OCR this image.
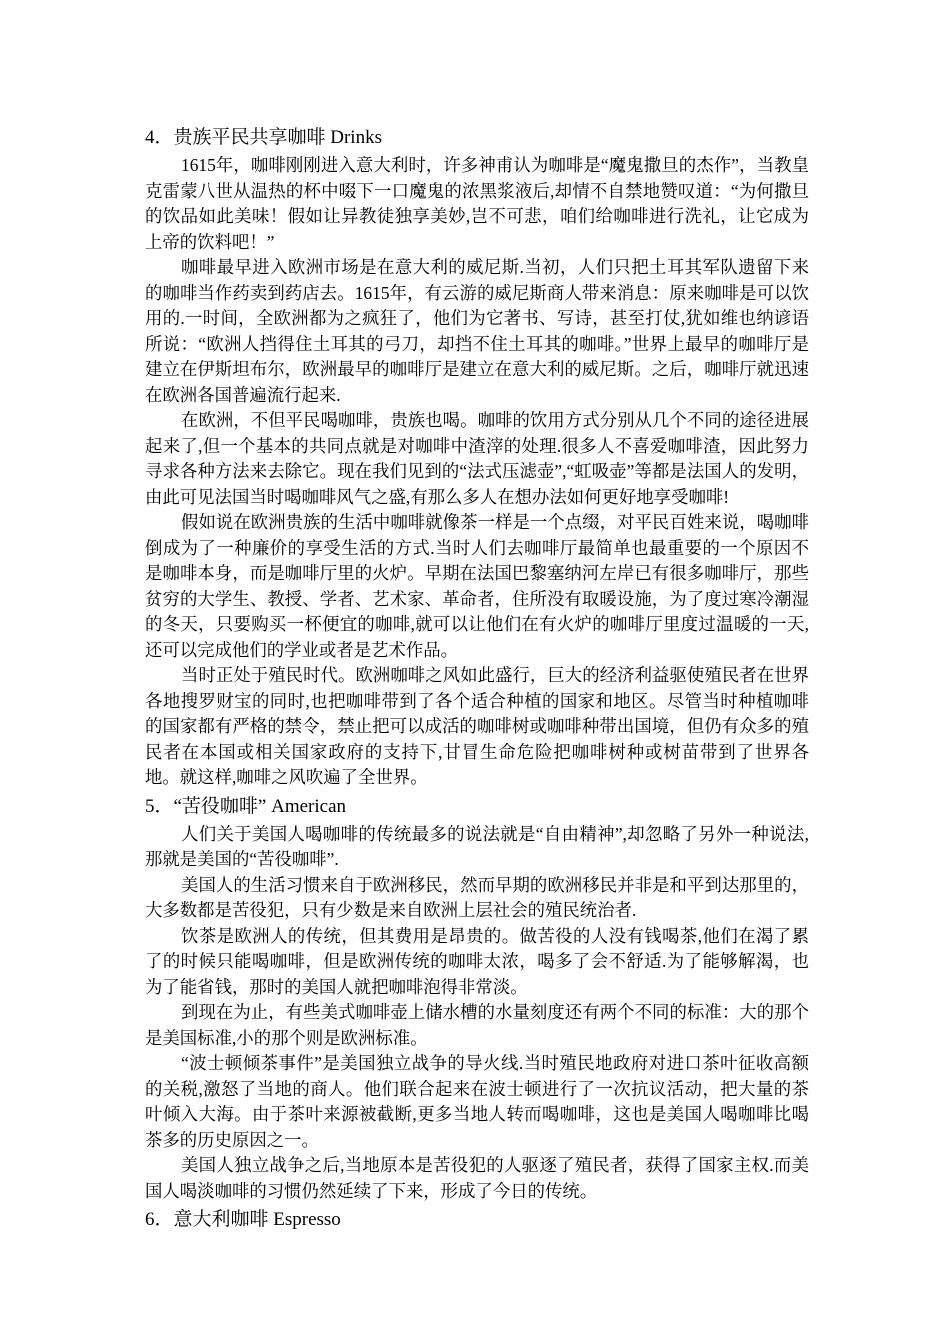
4．贵族平民共享咖啡 Drinks

1615年，咖啡刚刚进入意大利时，许多神甫认为咖啡是“魔鬼撒旦的杰作”，当教皇克雷蒙八世从温热的杯中啜下一口魔鬼的浓黑浆液后,却情不自禁地赞叹道：“为何撒旦的饮品如此美味！假如让异教徒独享美妙,岂不可悲，咱们给咖啡进行洗礼，让它成为上帝的饮料吧！”

咖啡最早进入欧洲市场是在意大利的威尼斯.当初，人们只把土耳其军队遗留下来的咖啡当作药卖到药店去。1615年，有云游的威尼斯商人带来消息：原来咖啡是可以饮用的.一时间，全欧洲都为之疯狂了，他们为它著书、写诗，甚至打仗,犹如维也纳谚语所说：“欧洲人挡得住土耳其的弓刀，却挡不住土耳其的咖啡。”世界上最早的咖啡厅是建立在伊斯坦布尔，欧洲最早的咖啡厅是建立在意大利的威尼斯。之后，咖啡厅就迅速在欧洲各国普遍流行起来.

在欧洲，不但平民喝咖啡，贵族也喝。咖啡的饮用方式分别从几个不同的途径进展起来了,但一个基本的共同点就是对咖啡中渣滓的处理.很多人不喜爱咖啡渣，因此努力寻求各种方法来去除它。现在我们见到的“法式压滤壶”,“虹吸壶”等都是法国人的发明，由此可见法国当时喝咖啡风气之盛,有那么多人在想办法如何更好地享受咖啡!

假如说在欧洲贵族的生活中咖啡就像茶一样是一个点缀，对平民百姓来说，喝咖啡倒成为了一种廉价的享受生活的方式.当时人们去咖啡厅最简单也最重要的一个原因不是咖啡本身，而是咖啡厅里的火炉。早期在法国巴黎塞纳河左岸已有很多咖啡厅，那些贫穷的大学生、教授、学者、艺术家、革命者，住所没有取暖设施，为了度过寒冷潮湿的冬天，只要购买一杯便宜的咖啡,就可以让他们在有火炉的咖啡厅里度过温暖的一天,还可以完成他们的学业或者是艺术作品。

当时正处于殖民时代。欧洲咖啡之风如此盛行，巨大的经济利益驱使殖民者在世界各地搜罗财宝的同时,也把咖啡带到了各个适合种植的国家和地区。尽管当时种植咖啡的国家都有严格的禁令，禁止把可以成活的咖啡树或咖啡种带出国境，但仍有众多的殖民者在本国或相关国家政府的支持下,甘冒生命危险把咖啡树种或树苗带到了世界各地。就这样,咖啡之风吹遍了全世界。

5．“苦役咖啡” American

人们关于美国人喝咖啡的传统最多的说法就是“自由精神”,却忽略了另外一种说法,那就是美国的“苦役咖啡”.

美国人的生活习惯来自于欧洲移民，然而早期的欧洲移民并非是和平到达那里的，大多数都是苦役犯，只有少数是来自欧洲上层社会的殖民统治者.

饮茶是欧洲人的传统，但其费用是昂贵的。做苦役的人没有钱喝茶,他们在渴了累了的时候只能喝咖啡，但是欧洲传统的咖啡太浓，喝多了会不舒适.为了能够解渴，也为了能省钱，那时的美国人就把咖啡泡得非常淡。

到现在为止，有些美式咖啡壶上储水槽的水量刻度还有两个不同的标准：大的那个是美国标准,小的那个则是欧洲标准。

“波士顿倾茶事件”是美国独立战争的导火线.当时殖民地政府对进口茶叶征收高额的关税,激怒了当地的商人。他们联合起来在波士顿进行了一次抗议活动，把大量的茶叶倾入大海。由于茶叶来源被截断,更多当地人转而喝咖啡，这也是美国人喝咖啡比喝茶多的历史原因之一。

美国人独立战争之后,当地原本是苦役犯的人驱逐了殖民者，获得了国家主权.而美国人喝淡咖啡的习惯仍然延续了下来，形成了今日的传统。

6．意大利咖啡 Espresso
